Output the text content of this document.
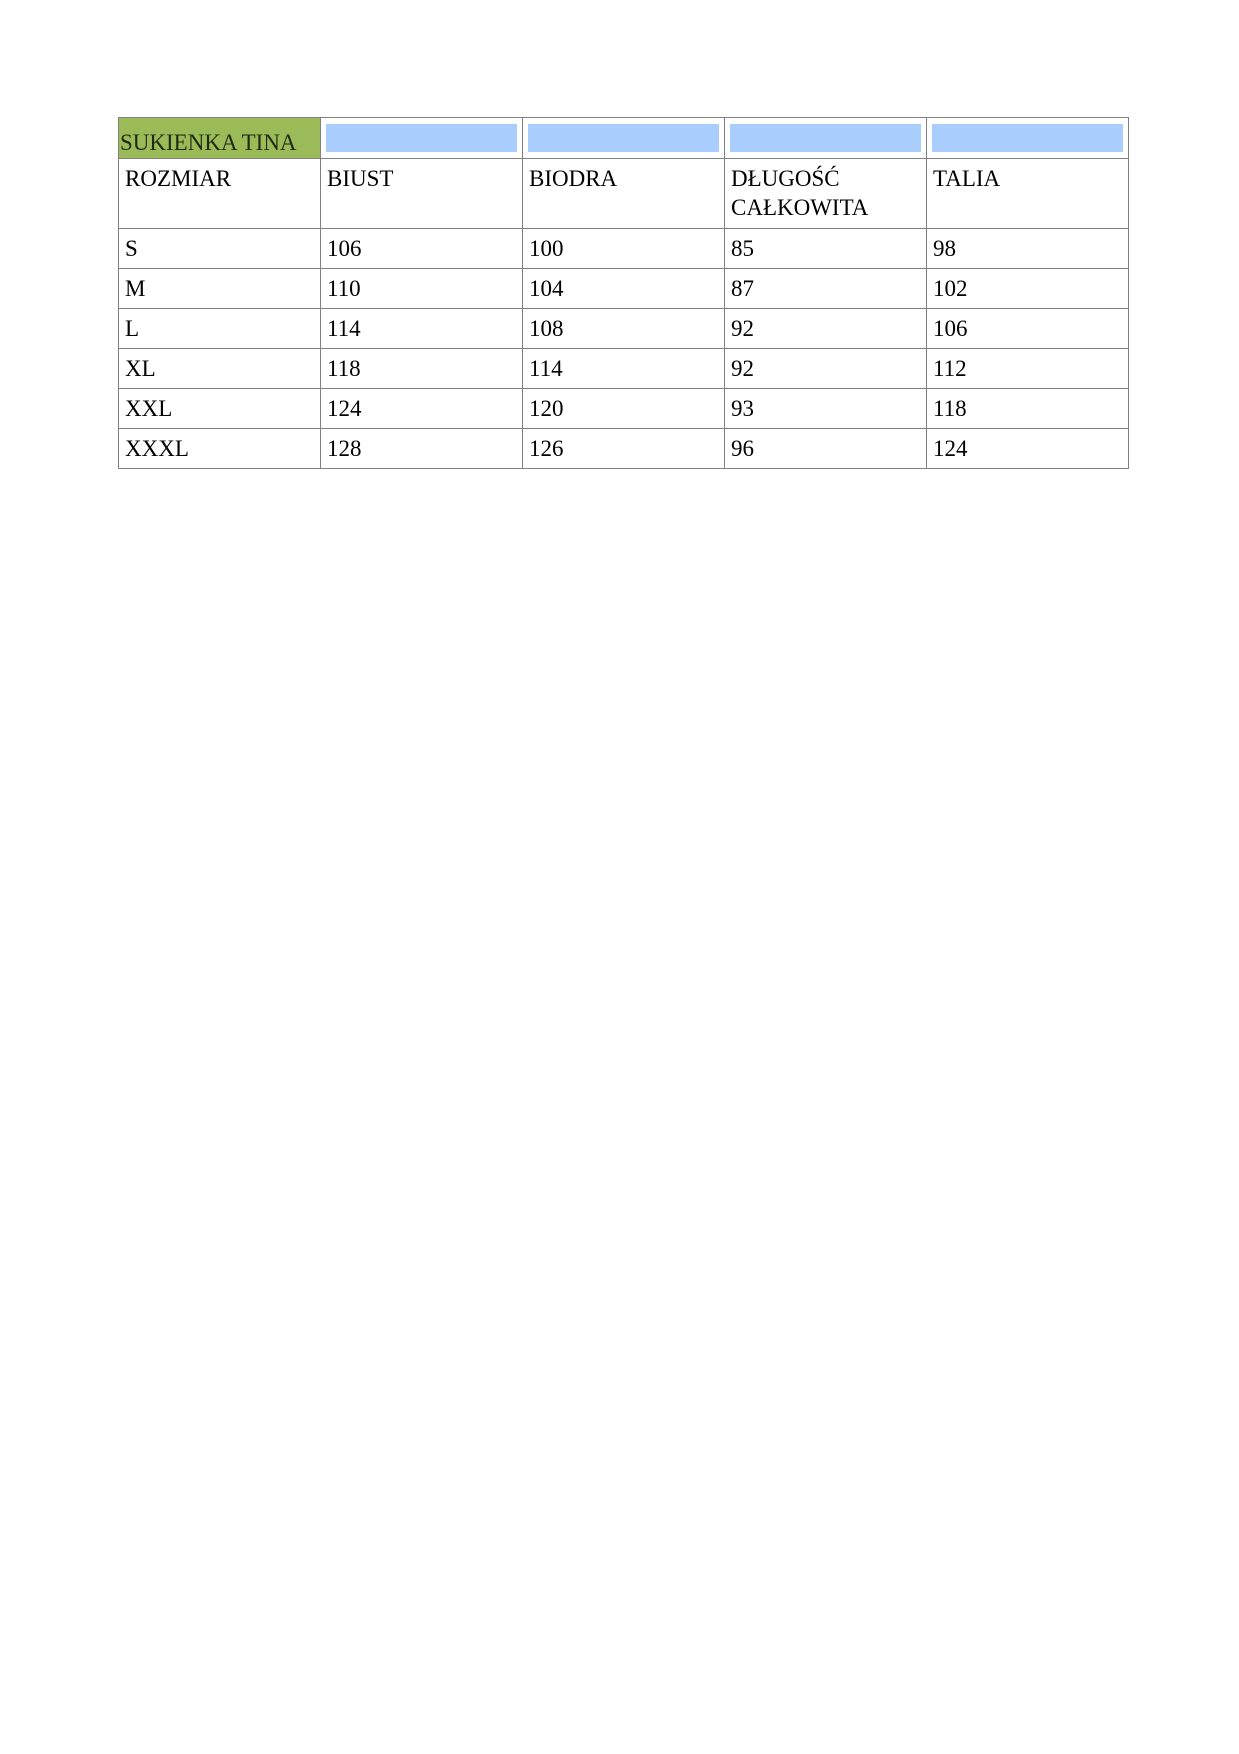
SUKIENKA TINA				

ROZMIAR	BIUST	BIODRA	DŁUGOŚĆ CAŁKOWITA	TALIA
S	106	100	85	98
M	110	104	87	102
L	114	108	92	106
XL	118	114	92	112
XXL	124	120	93	118
XXXL	128	126	96	124
